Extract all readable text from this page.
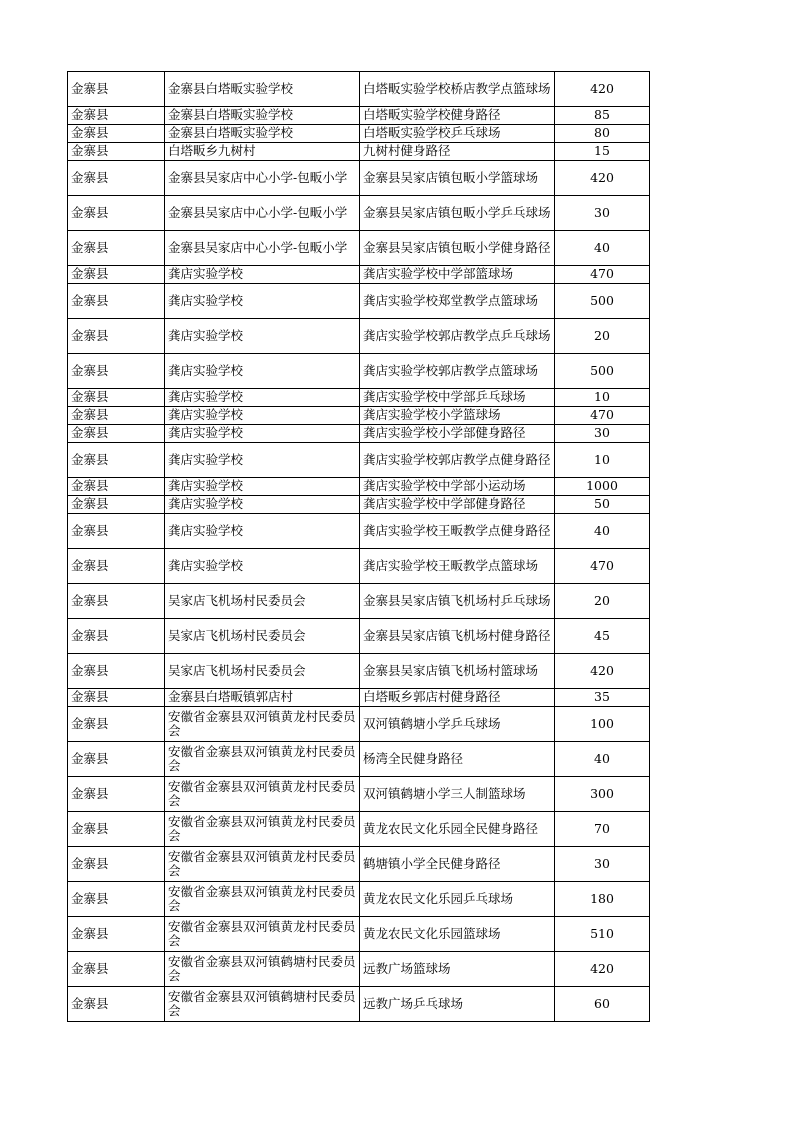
金寨县	金寨县白塔畈实验学校	白塔畈实验学校桥店教学点篮球场	420
金寨县	金寨县白塔畈实验学校	白塔畈实验学校健身路径	85
金寨县	金寨县白塔畈实验学校	白塔畈实验学校乒乓球场	80
金寨县	白塔畈乡九树村	九树村健身路径	15
金寨县	金寨县吴家店中心小学-包畈小学	金寨县吴家店镇包畈小学篮球场	420
金寨县	金寨县吴家店中心小学-包畈小学	金寨县吴家店镇包畈小学乒乓球场	30
金寨县	金寨县吴家店中心小学-包畈小学	金寨县吴家店镇包畈小学健身路径	40
金寨县	龚店实验学校	龚店实验学校中学部篮球场	470
金寨县	龚店实验学校	龚店实验学校郑堂教学点篮球场	500
金寨县	龚店实验学校	龚店实验学校郭店教学点乒乓球场	20
金寨县	龚店实验学校	龚店实验学校郭店教学点篮球场	500
金寨县	龚店实验学校	龚店实验学校中学部乒乓球场	10
金寨县	龚店实验学校	龚店实验学校小学篮球场	470
金寨县	龚店实验学校	龚店实验学校小学部健身路径	30
金寨县	龚店实验学校	龚店实验学校郭店教学点健身路径	10
金寨县	龚店实验学校	龚店实验学校中学部小运动场	1000
金寨县	龚店实验学校	龚店实验学校中学部健身路径	50
金寨县	龚店实验学校	龚店实验学校王畈教学点健身路径	40
金寨县	龚店实验学校	龚店实验学校王畈教学点篮球场	470
金寨县	吴家店飞机场村民委员会	金寨县吴家店镇飞机场村乒乓球场	20
金寨县	吴家店飞机场村民委员会	金寨县吴家店镇飞机场村健身路径	45
金寨县	吴家店飞机场村民委员会	金寨县吴家店镇飞机场村篮球场	420
金寨县	金寨县白塔畈镇郭店村	白塔畈乡郭店村健身路径	35
金寨县	安徽省金寨县双河镇黄龙村民委员会	双河镇鹤塘小学乒乓球场	100
金寨县	安徽省金寨县双河镇黄龙村民委员会	杨湾全民健身路径	40
金寨县	安徽省金寨县双河镇黄龙村民委员会	双河镇鹤塘小学三人制篮球场	300
金寨县	安徽省金寨县双河镇黄龙村民委员会	黄龙农民文化乐园全民健身路径	70
金寨县	安徽省金寨县双河镇黄龙村民委员会	鹤塘镇小学全民健身路径	30
金寨县	安徽省金寨县双河镇黄龙村民委员会	黄龙农民文化乐园乒乓球场	180
金寨县	安徽省金寨县双河镇黄龙村民委员会	黄龙农民文化乐园篮球场	510
金寨县	安徽省金寨县双河镇鹤塘村民委员会	远教广场篮球场	420
金寨县	安徽省金寨县双河镇鹤塘村民委员会	远教广场乒乓球场	60
